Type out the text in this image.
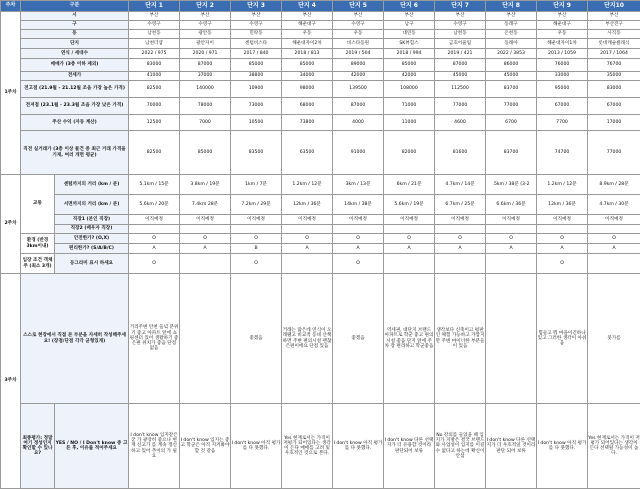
주차	구분		단지 1	단지 2	단지 3	단지 4	단지 5	단지 6	단지 7	단지 8	단지 9	단지10
1주차	시		부산	부산	부산	부산	부산	부산	부산	부산	부산	부산
	구		수영구	수영구	수영구	해운대구	수영구	남구	수영구	동래구	해운대구	부산진구
	동		남천동	광안동	민락동	우동	우동	대연동	남천동	온천동	우동	사직동
	단지		남천더샵	광안자이	센텀비스타	해운대자이2차	비스타동원	SK뷰힐스	금호어울림	동래아	해운대자이1차	롯데캐슬클래식
	연식 / 세대수		2022 / 975	2020 / 971	2017 / 840	2018 / 813	2019 / 504	2018 / 994	2019 / 421	2022 / 3853	2013 / 1059	2017 / 1064
	매매가 (3층 이하 제외)		83000	87000	85000	85000	89000	85000	87000	86000	76000	76700
	전세가		41000	37000	38800	34000	42000	42000	45000	45000	33000	35000
	전고점 (21.9월 - 21.12월 조음 가장 높은 가격)		82500	140000	10900	98000	139500	108000	112500	83700	95000	83000
	전저점 (23.1월 - 23.3월 조음 가장 낮은 가격)		70000	78000	73000	68000	87000	71000	77000	77000	67000	67000
	주산 수익 (자동 계산)		12500	7000	10500	73800	4000	11000	4600	6700	7700	17000
	직전 실거래가 (3층 이상 물건 중 최근 거래 가격을 기재, 여러 개면 평균)		82500	85000	83500	63500	91000	82000	81600	83700	74700	77000
2주차	교통	센텀까지의 거리 (km / 분)	5.1km / 15분	3.8km / 19분	1km / 7분	1.2km / 12분	3km / 13분	6km / 21분	4.7km / 14분	.5km / 38분 (3-2	1.2km / 12분	8.9km / 28분
		서면까지의 거리 (km / 분)	5.6km / 20분	7.4km 28분	7.2km / 29분	12km / 36분	14km / 38분	5.6km / 19분	6.7km / 25분	6.6km / 36분	12km / 36분	4.7km / 30분
		직장1 (본인 직장)	이직예정	이직예정	이직예정	이직예정	이직예정	이직예정	이직예정	이직예정	이직예정	이직예정
		직장2 (배우자 직장)										
	환경 (반경 3km이내)	안전한가? (O,X)	O	O	O	O	O	O	O	O	O	O
		편리한가? (S/A/B/C)	A	A	B	A	A	A	A	A	A	A
	입장 조건 객체주 (최소 3개)	등그라미 표시 하세요	O		O		O				O	
3주차	스스로 현장에서 직접 본 부분을 자세히 작성해주세요! (장점/단점 각각 균형있게)		거리주변 탄천 들녘 분위기 좋고 아파트 앞에 쇼핑센터 있어 생활하기 좋은편 위치가 좋음 단점 없음		좋겠음	거래는 많은데 연식이 오래됐고 비교적 동네 산책하면 주변 편의시설 괜찮은편이에요 단점 있음	좋겠음	역세권, 대단지 브랜드 아파트로 학군 좋고 편의시설 좋음 단지 앞에 주차 장 편리하고 학군좋음	생각보다 신축이고 평판인 체험 가능하고 가깝지만 주변 마이너한 부분들이 있음		힘들고 뭐 마을이긴하나 있고 그러한 생각이 아쉬움	뭇가름
	최종평가: 정말 여기 정성인지 확인할 수 있나요?	YES / NO / I Don't know 중 고른 후, 이유를 적어주세요	I don't know 입지같은 굳 가 광장히 좋으나 현재 신고가 를 계속 갱신하고 있어 추이의 가 필요	I don't know 입지는 좋고 학군은 아직 지켜봐야 할 것 같음	I don't know 아직 평가를 다 못했다.	Yes 현재로서는 가격이 저평가 되어있다는 생각이 든다 매매를 고려 및 우호적인 것으로 본다.	I don't know 아직 평가를 다 못했다.	I don't know 다른 선택지가 더 유용할 것이라 판단되어 보류	No 강의를 들었을 때 입지가 지방은 결국 브랜드와 사업성이 입지를 이길 수 없다고 하는데 확신이 안섬	I don't know 다른 선택지가 더 우호적일 것이라 판단 되어 보류	I don't know 아직 평가를 다 못했다.	Yes 현재로서는 가격이 저평가 되어있다는 생각이 든다 선택될 가능성이 높다.
